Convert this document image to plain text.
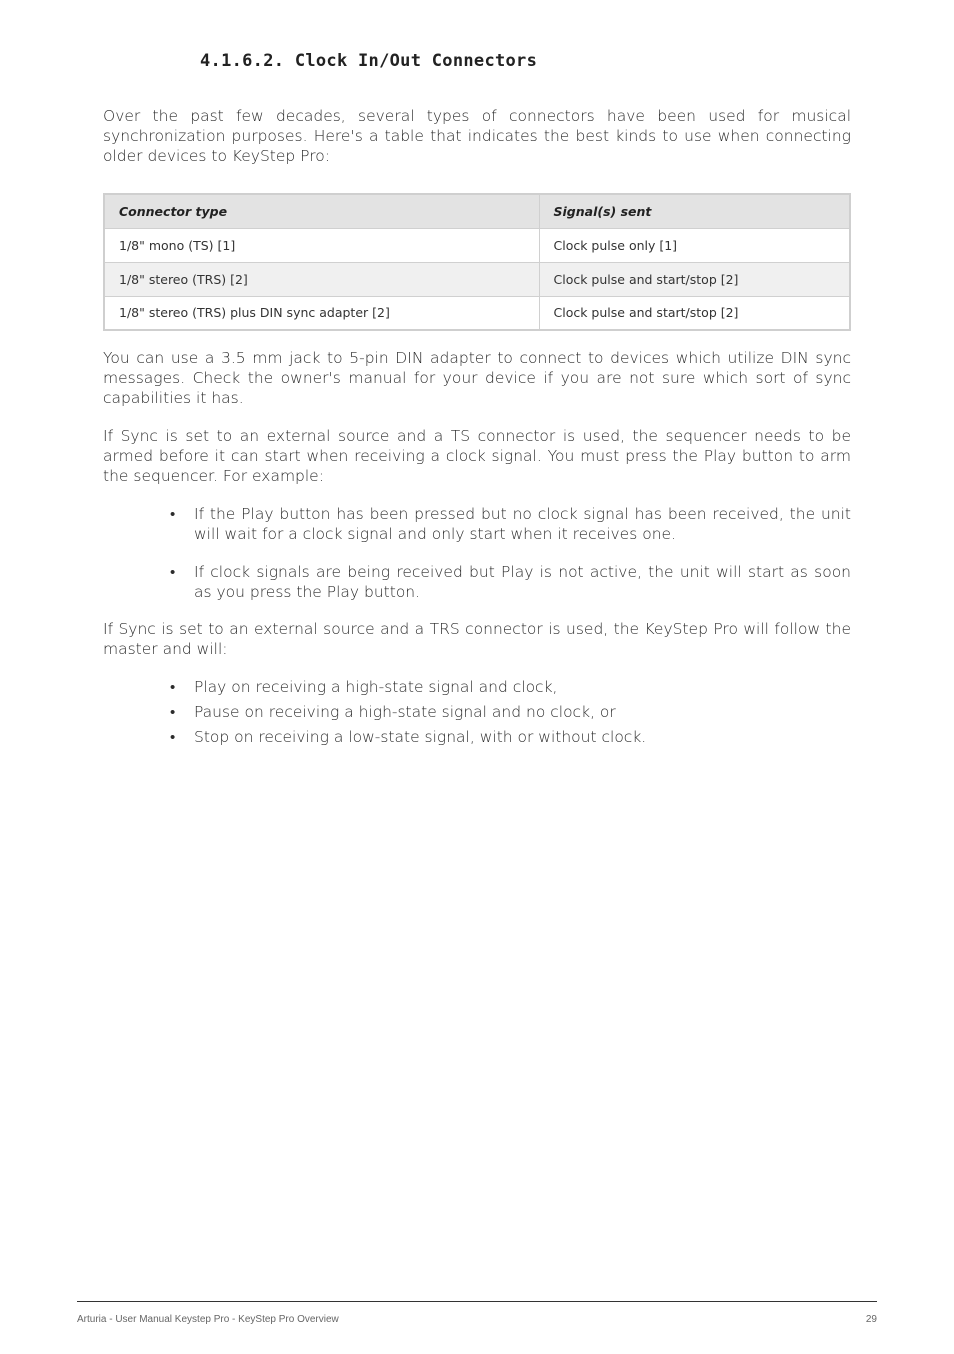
4.1.6.2. Clock In/Out Connectors

Over the past few decades, several types of connectors have been used for musical synchronization purposes. Here's a table that indicates the best kinds to use when connecting older devices to KeyStep Pro:

Connector type	Signal(s) sent
1/8" mono (TS) [1]	Clock pulse only [1]
1/8" stereo (TRS) [2]	Clock pulse and start/stop [2]
1/8" stereo (TRS) plus DIN sync adapter [2]	Clock pulse and start/stop [2]

You can use a 3.5 mm jack to 5-pin DIN adapter to connect to devices which utilize DIN sync messages. Check the owner's manual for your device if you are not sure which sort of sync capabilities it has.

If Sync is set to an external source and a TS connector is used, the sequencer needs to be armed before it can start when receiving a clock signal. You must press the Play button to arm the sequencer. For example:

• If the Play button has been pressed but no clock signal has been received, the unit will wait for a clock signal and only start when it receives one.
• If clock signals are being received but Play is not active, the unit will start as soon as you press the Play button.

If Sync is set to an external source and a TRS connector is used, the KeyStep Pro will follow the master and will:

• Play on receiving a high-state signal and clock,
• Pause on receiving a high-state signal and no clock, or
• Stop on receiving a low-state signal, with or without clock.
Arturia - User Manual Keystep Pro - KeyStep Pro Overview	29
